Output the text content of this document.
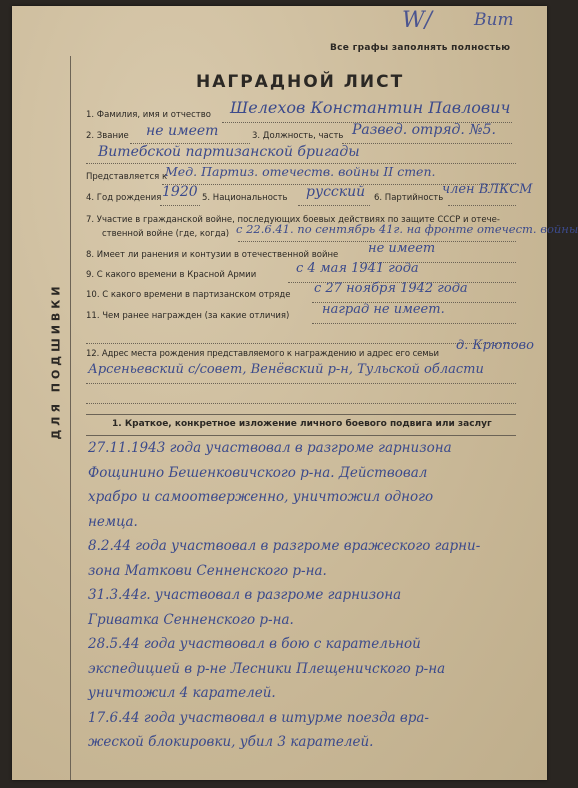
ДЛЯ ПОДШИВКИ
W/ Вит
Все графы заполнять полностью
НАГРАДНОЙ ЛИСТ
1. Фамилия, имя и отчество Шелехов Константин Павлович
2. Звание не имеет	3. Должность, часть Развед. отряд. №5.
Витебской партизанской бригады
Представляется к
Мед. Партиз. отечеств. войны II степ.
4. Год рождения 1920 5. Национальность русский	6. Партийность
член ВЛКСМ
7. Участие в гражданской войне, последующих боевых действиях по защите СССР и отече-
ственной войне (где, когда) с 22.6.41. по сентябрь 41г. на фронте отечест. войны
8. Имеет ли ранения и контузии в отечественной войне не имеет
9. С какого времени в Красной Армии	с 4 мая 1941 года
10. С какого времени в партизанском отряде с 27 ноября 1942 года
11. Чем ранее награжден (за какие отличия)	наград не имеет.
12. Адрес места рождения представляемого к награждению и адрес его семьи
д. Крюпово
Арсеньевский с/совет, Венёвский р-н, Тульской области
1. Краткое, конкретное изложение личного боевого подвига или заслуг
27.11.1943 года участвовал в разгроме гарнизона
Фощинино Бешенковичского р-на. Действовал
храбро и самоотверженно, уничтожил одного
немца.
8.2.44 года участвовал в разгроме вражеского гарни-
зона Маткови Сенненского р-на.
31.3.44г. участвовал в разгроме гарнизона
Гриватка Сенненского р-на.
28.5.44 года участвовал в бою с карательной
экспедицией в р-не Лесники Плещеничского р-на
уничтожил 4 карателей.
17.6.44 года участвовал в штурме поезда вра-
жеской блокировки, убил 3 карателей.
